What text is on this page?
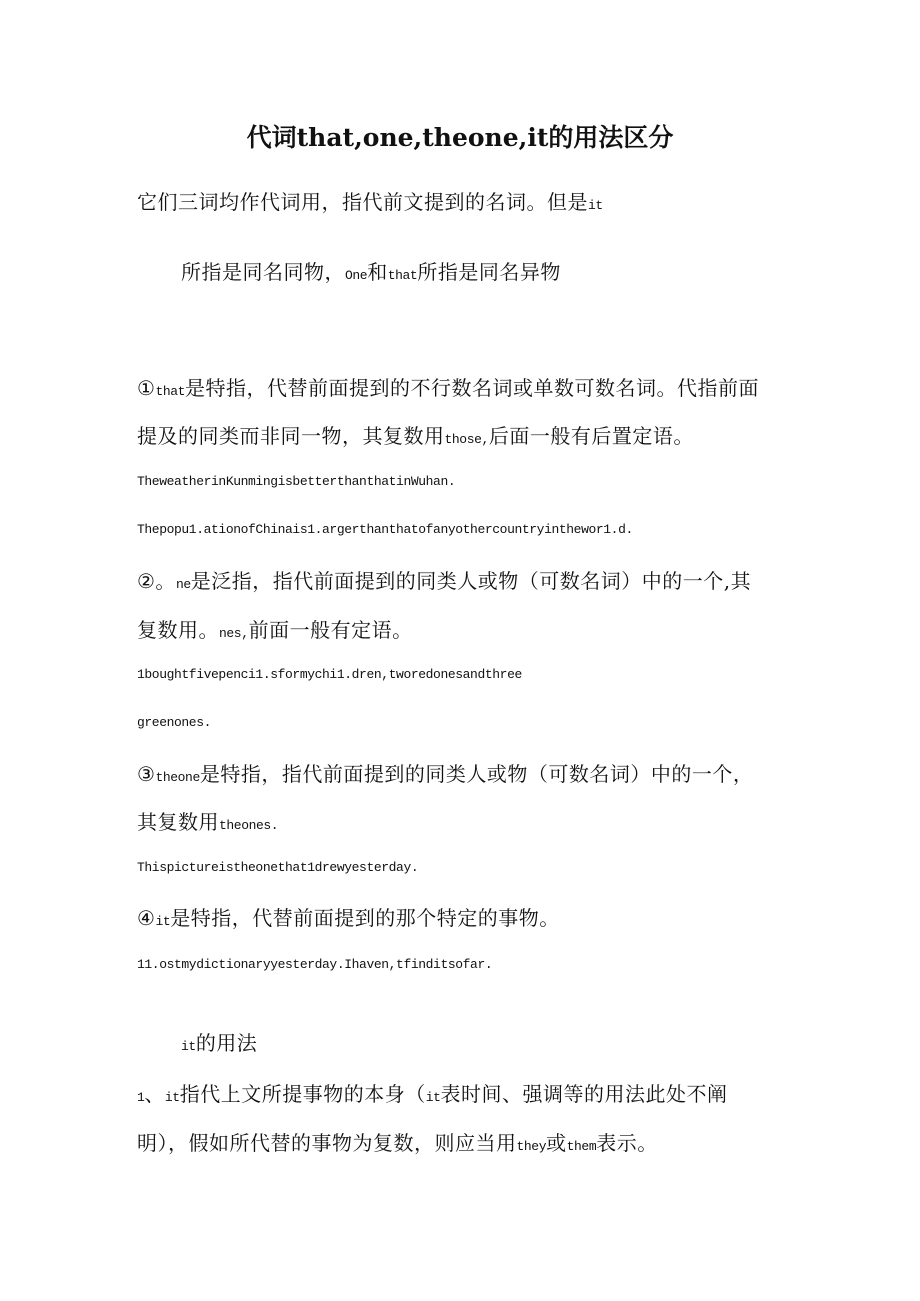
代词that,one,theone,it的用法区分

它们三词均作代词用，指代前文提到的名词。但是it

所指是同名同物，One和that所指是同名异物

①that是特指，代替前面提到的不行数名词或单数可数名词。代指前面

提及的同类而非同一物，其复数用those,后面一般有后置定语。

TheweatherinKunmingisbetterthanthatinWuhan.

Thepopu1.ationofChinais1.argerthanthatofanyothercountryinthewor1.d.

②。ne是泛指，指代前面提到的同类人或物（可数名词）中的一个,其

复数用。nes,前面一般有定语。

1boughtfivepenci1.sformychi1.dren,tworedonesandthree

greenones.

③theone是特指，指代前面提到的同类人或物（可数名词）中的一个，

其复数用theones.

Thispictureistheonethat1drewyesterday.

④it是特指，代替前面提到的那个特定的事物。

11.ostmydictionaryyesterday.Ihaven,tfinditsofar.

it的用法

1、it指代上文所提事物的本身（it表时间、强调等的用法此处不阐

明），假如所代替的事物为复数，则应当用they或them表示。
